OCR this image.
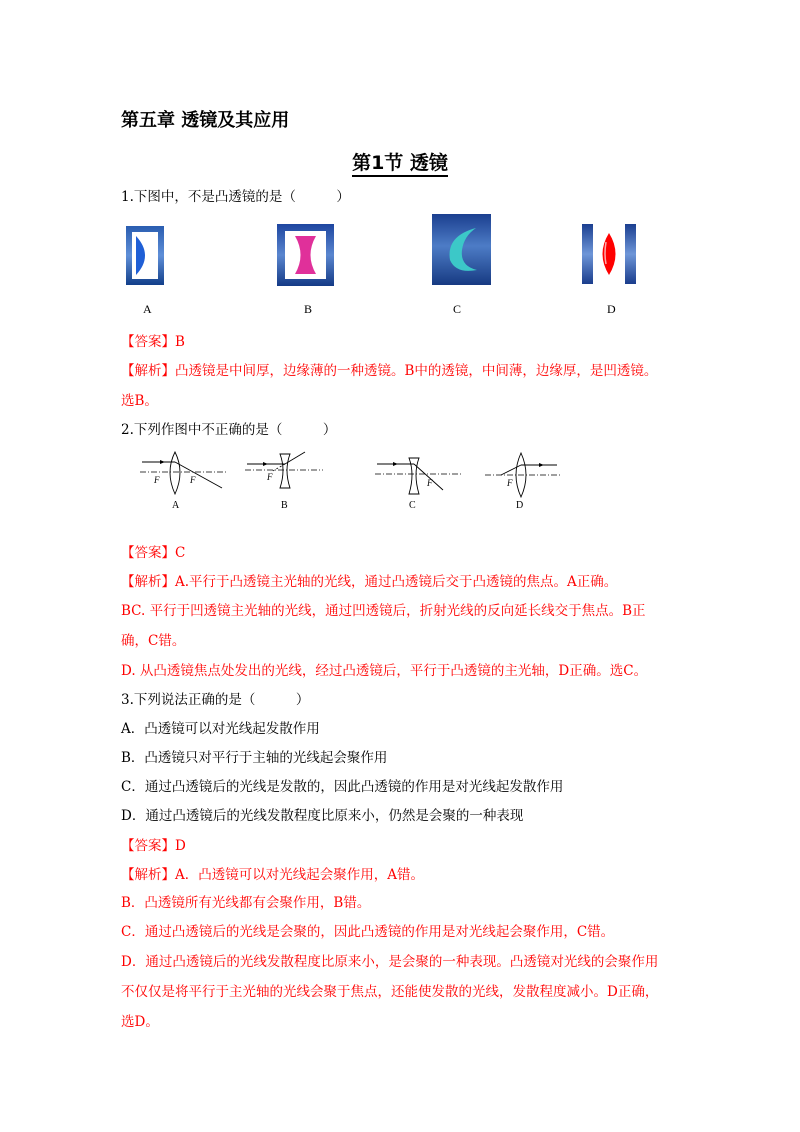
第五章 透镜及其应用
第1节 透镜
1.下图中，不是凸透镜的是（　　　）
A	B	C	D
【答案】B
【解析】凸透镜是中间厚，边缘薄的一种透镜。B中的透镜，中间薄，边缘厚，是凹透镜。
选B。
2.下列作图中不正确的是（　　　）
F	F	F
F	F
A	B	C	D
【答案】C
【解析】A.平行于凸透镜主光轴的光线，通过凸透镜后交于凸透镜的焦点。A正确。
BC. 平行于凹透镜主光轴的光线，通过凹透镜后，折射光线的反向延长线交于焦点。B正
确，C错。
D. 从凸透镜焦点处发出的光线，经过凸透镜后，平行于凸透镜的主光轴，D正确。选C。
3.下列说法正确的是（　　　）
A．凸透镜可以对光线起发散作用
B．凸透镜只对平行于主轴的光线起会聚作用
C．通过凸透镜后的光线是发散的，因此凸透镜的作用是对光线起发散作用
D．通过凸透镜后的光线发散程度比原来小，仍然是会聚的一种表现
【答案】D
【解析】A．凸透镜可以对光线起会聚作用，A错。
B．凸透镜所有光线都有会聚作用，B错。
C．通过凸透镜后的光线是会聚的，因此凸透镜的作用是对光线起会聚作用，C错。
D．通过凸透镜后的光线发散程度比原来小，是会聚的一种表现。凸透镜对光线的会聚作用
不仅仅是将平行于主光轴的光线会聚于焦点，还能使发散的光线，发散程度减小。D正确，
选D。
